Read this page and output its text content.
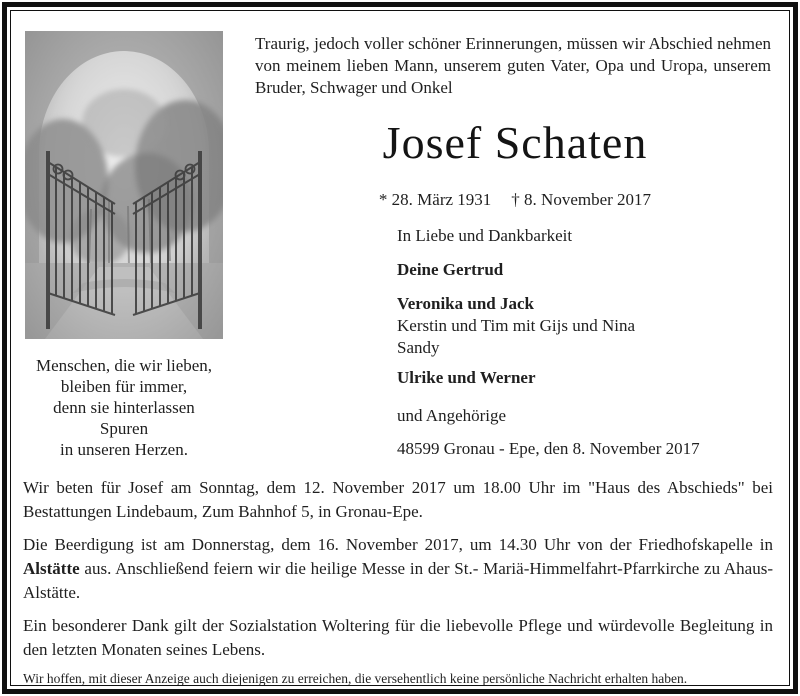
Menschen, die wir lieben,
bleiben für immer,
denn sie hinterlassen
Spuren
in unseren Herzen.

Traurig, jedoch voller schöner Erinnerungen, müssen wir Abschied nehmen von meinem lieben Mann, unserem guten Vater, Opa und Uropa, unserem Bruder, Schwager und Onkel

Josef Schaten
* 28. März 1931 † 8. November 2017
In Liebe und Dankbarkeit
Deine Gertrud
Veronika und Jack
Kerstin und Tim mit Gijs und Nina
Sandy
Ulrike und Werner
und Angehörige
48599 Gronau - Epe, den 8. November 2017

Wir beten für Josef am Sonntag, dem 12. November 2017 um 18.00 Uhr im "Haus des Abschieds" bei Bestattungen Lindebaum, Zum Bahnhof 5, in Gronau-Epe.

Die Beerdigung ist am Donnerstag, dem 16. November 2017, um 14.30 Uhr von der Friedhofskapelle in Alstätte aus. Anschließend feiern wir die heilige Messe in der St.- Mariä-Himmelfahrt-Pfarrkirche zu Ahaus-Alstätte.

Ein besonderer Dank gilt der Sozialstation Woltering für die liebevolle Pflege und würdevolle Begleitung in den letzten Monaten seines Lebens.

Wir hoffen, mit dieser Anzeige auch diejenigen zu erreichen, die versehentlich keine persönliche Nachricht erhalten haben.
